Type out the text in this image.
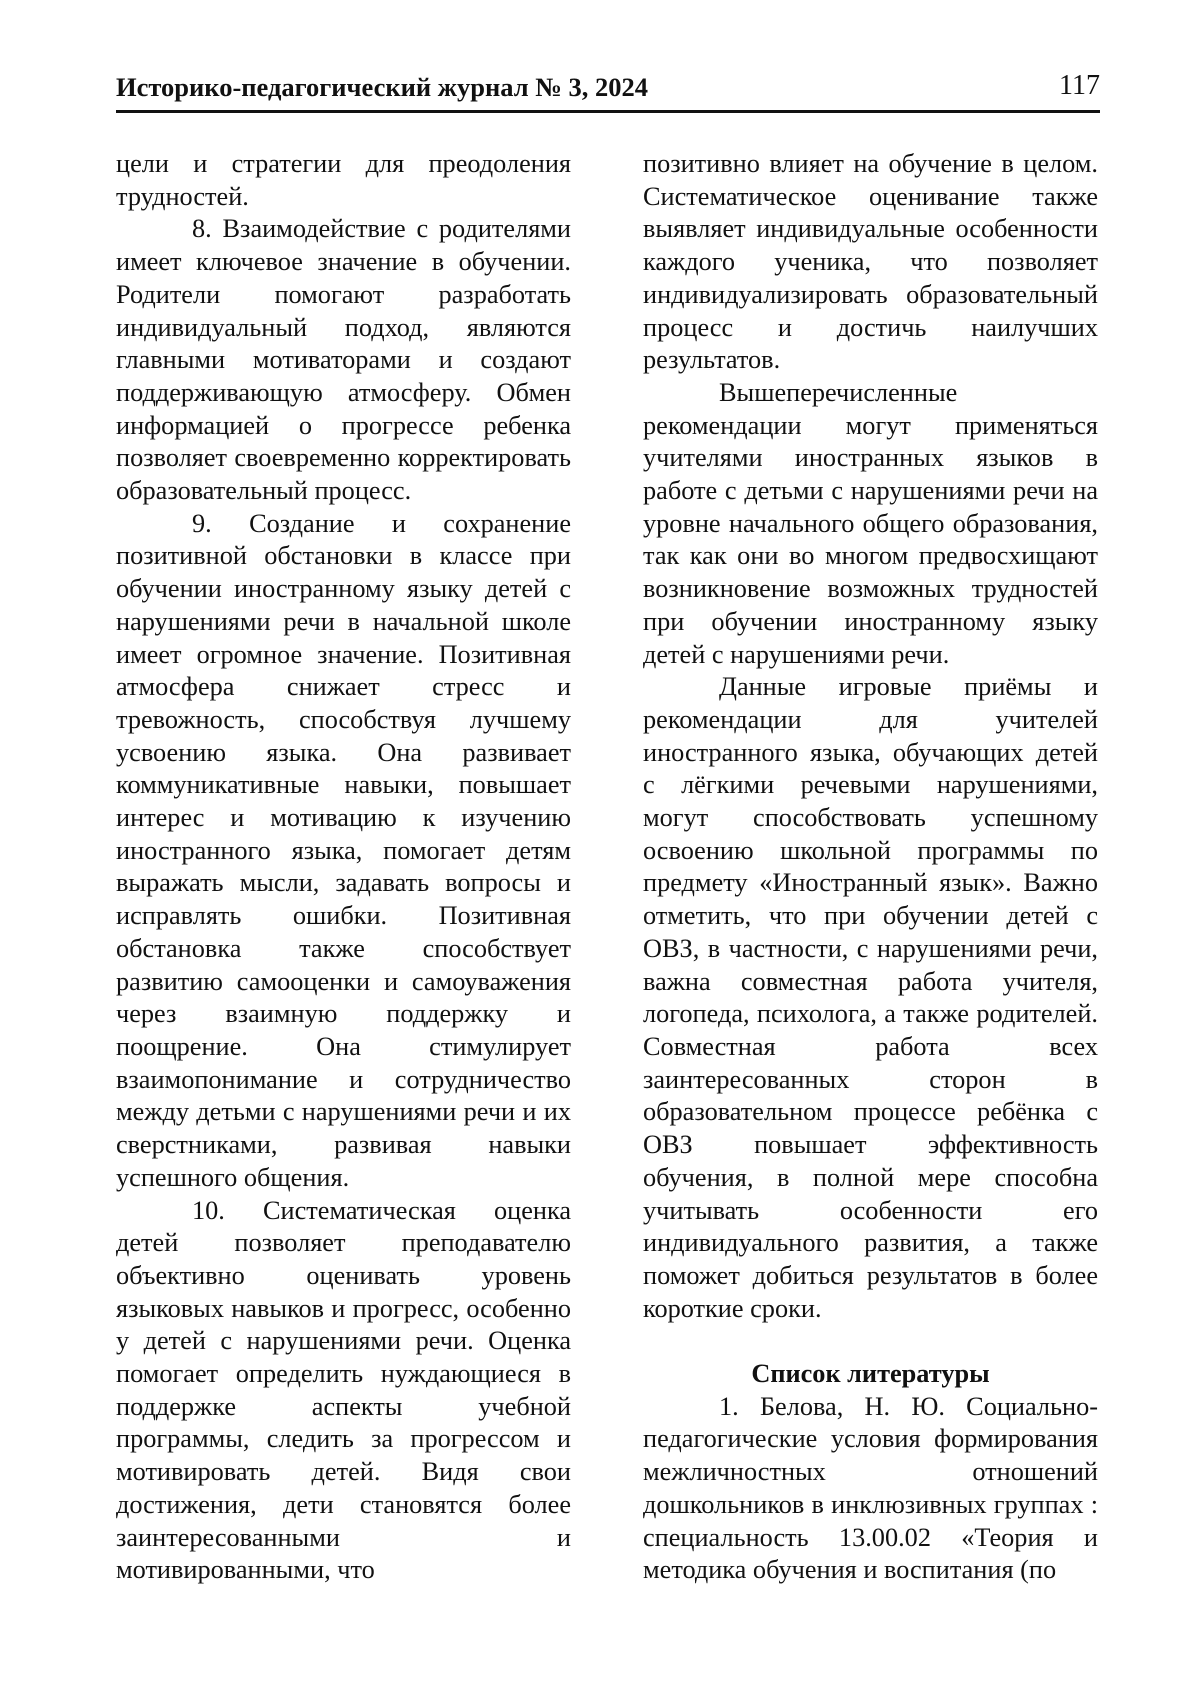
Историко-педагогический журнал № 3, 2024	117

цели и стратегии для преодоления трудностей.

8. Взаимодействие с родителями имеет ключевое значение в обучении. Родители помогают разработать индивидуальный подход, являются главными мотиваторами и создают поддерживающую атмосферу. Обмен информацией о прогрессе ребенка позволяет своевременно корректировать образовательный процесс.

9. Создание и сохранение позитивной обстановки в классе при обучении иностранному языку детей с нарушениями речи в начальной школе имеет огромное значение. Позитивная атмосфера снижает стресс и тревожность, способствуя лучшему усвоению языка. Она развивает коммуникативные навыки, повышает интерес и мотивацию к изучению иностранного языка, помогает детям выражать мысли, задавать вопросы и исправлять ошибки. Позитивная обстановка также способствует развитию самооценки и самоуважения через взаимную поддержку и поощрение. Она стимулирует взаимопонимание и сотрудничество между детьми с нарушениями речи и их сверстниками, развивая навыки успешного общения.

10. Систематическая оценка детей позволяет преподавателю объективно оценивать уровень языковых навыков и прогресс, особенно у детей с нарушениями речи. Оценка помогает определить нуждающиеся в поддержке аспекты учебной программы, следить за прогрессом и мотивировать детей. Видя свои достижения, дети становятся более заинтересованными и мотивированными, что

позитивно влияет на обучение в целом. Систематическое оценивание также выявляет индивидуальные особенности каждого ученика, что позволяет индивидуализировать образовательный процесс и достичь наилучших результатов.

Вышеперечисленные рекомендации могут применяться учителями иностранных языков в работе с детьми с нарушениями речи на уровне начального общего образования, так как они во многом предвосхищают возникновение возможных трудностей при обучении иностранному языку детей с нарушениями речи.

Данные игровые приёмы и рекомендации для учителей иностранного языка, обучающих детей с лёгкими речевыми нарушениями, могут способствовать успешному освоению школьной программы по предмету «Иностранный язык». Важно отметить, что при обучении детей с ОВЗ, в частности, с нарушениями речи, важна совместная работа учителя, логопеда, психолога, а также родителей. Совместная работа всех заинтересованных сторон в образовательном процессе ребёнка с ОВЗ повышает эффективность обучения, в полной мере способна учитывать особенности его индивидуального развития, а также поможет добиться результатов в более короткие сроки.

Список литературы

1. Белова, Н. Ю. Социально-педагогические условия формирования межличностных отношений дошкольников в инклюзивных группах : специальность 13.00.02 «Теория и методика обучения и воспитания (по
